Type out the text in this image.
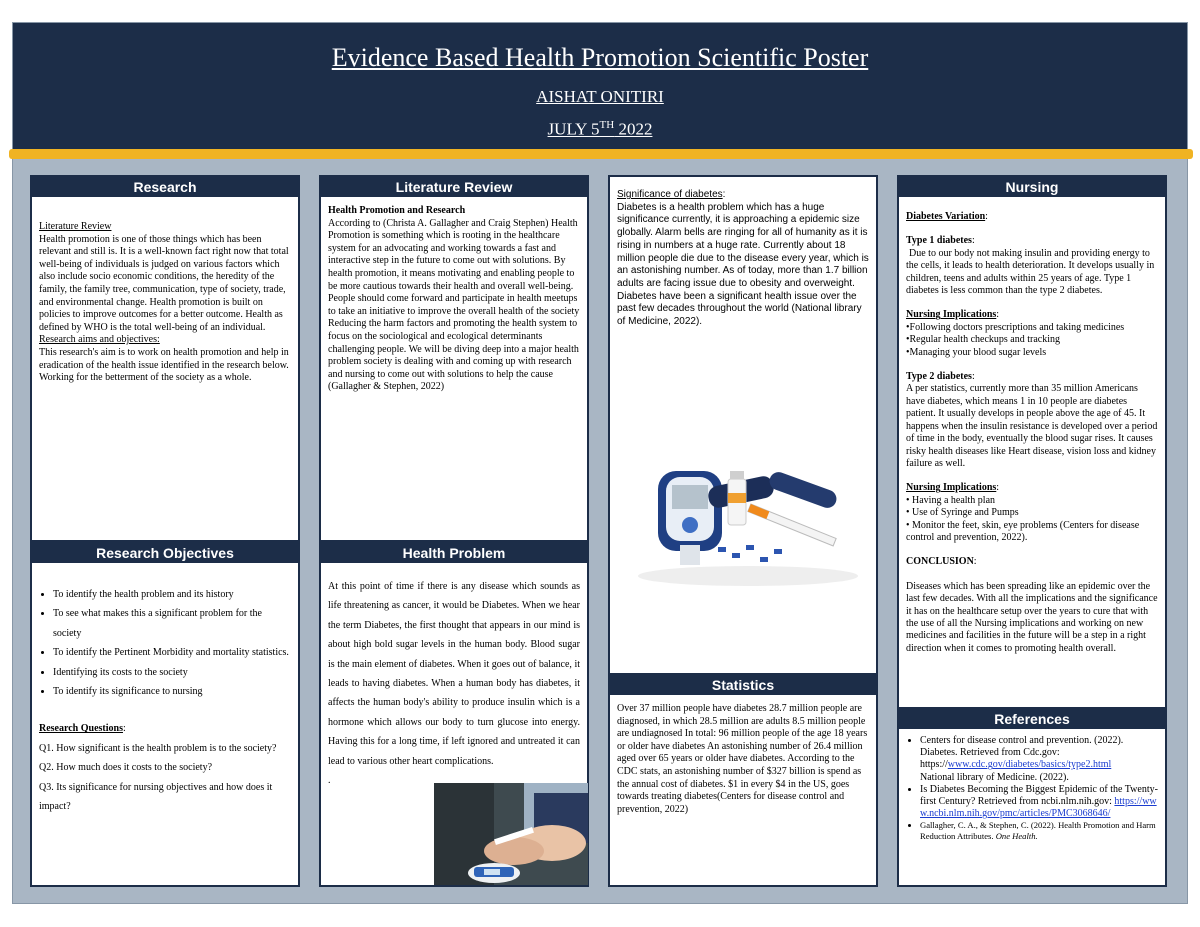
Evidence Based Health Promotion Scientific Poster
AISHAT ONITIRI
JULY 5TH 2022
Research
Literature Review
Health promotion is one of those things which has been relevant and still is. It is a well-known fact right now that total well-being of individuals is judged on various factors which also include socio economic conditions, the heredity of the family, the family tree, communication, type of society, trade, and environmental change. Health promotion is built on policies to improve outcomes for a better outcome. Health as defined by WHO is the total well-being of an individual.
Research aims and objectives:
This research's aim is to work on health promotion and help in eradication of the health issue identified in the research below. Working for the betterment of the society as a whole.
Research Objectives
• To identify the health problem and its history
• To see what makes this a significant problem for the society
• To identify the Pertinent Morbidity and mortality statistics.
• Identifying its costs to the society
• To identify its significance to nursing
Research Questions:
Q1. How significant is the health problem is to the society?
Q2. How much does it costs to the society?
Q3. Its significance for nursing objectives and how does it impact?
Literature Review
Health Promotion and Research
According to (Christa A. Gallagher and Craig Stephen) Health Promotion is something which is rooting in the healthcare system for an advocating and working towards a fast and interactive step in the future to come out with solutions. By health promotion, it means motivating and enabling people to be more cautious towards their health and overall well-being. People should come forward and participate in health meetups to take an initiative to improve the overall health of the society Reducing the harm factors and promoting the health system to focus on the sociological and ecological determinants challenging people. We will be diving deep into a major health problem society is dealing with and coming up with research and nursing to come out with solutions to help the cause (Gallagher & Stephen, 2022)
Health Problem
At this point of time if there is any disease which sounds as life threatening as cancer, it would be Diabetes. When we hear the term Diabetes, the first thought that appears in our mind is about high bold sugar levels in the human body. Blood sugar is the main element of diabetes. When it goes out of balance, it leads to having diabetes. When a human body has diabetes, it affects the human body's ability to produce insulin which is a hormone which allows our body to turn glucose into energy. Having this for a long time, if left ignored and untreated it can lead to various other heart complications.
.
Significance of diabetes:
Diabetes is a health problem which has a huge significance currently, it is approaching a epidemic size globally. Alarm bells are ringing for all of humanity as it is rising in numbers at a huge rate. Currently about 18 million people die due to the disease every year, which is an astonishing number. As of today, more than 1.7 billion adults are facing issue due to obesity and overweight. Diabetes have been a significant health issue over the past few decades throughout the world (National library of Medicine, 2022).
Statistics
Over 37 million people have diabetes 28.7 million people are diagnosed, in which 28.5 million are adults 8.5 million people are undiagnosed In total: 96 million people of the age 18 years or older have diabetes An astonishing number of 26.4 million aged over 65 years or older have diabetes. According to the CDC stats, an astonishing number of $327 billion is spend as the annual cost of diabetes. $1 in every $4 in the US, goes towards treating diabetes(Centers for disease control and prevention, 2022)
Nursing
Diabetes Variation:
Type 1 diabetes:
Due to our body not making insulin and providing energy to the cells, it leads to health deterioration. It develops usually in children, teens and adults within 25 years of age. Type 1 diabetes is less common than the type 2 diabetes.
Nursing Implications:
•Following doctors prescriptions and taking medicines
•Regular health checkups and tracking
•Managing your blood sugar levels
Type 2 diabetes:
A per statistics, currently more than 35 million Americans have diabetes, which means 1 in 10 people are diabetes patient. It usually develops in people above the age of 45. It happens when the insulin resistance is developed over a period of time in the body, eventually the blood sugar rises. It causes risky health diseases like Heart disease, vision loss and kidney failure as well.
Nursing Implications:
• Having a health plan
• Use of Syringe and Pumps
• Monitor the feet, skin, eye problems (Centers for disease control and prevention, 2022).
CONCLUSION:
Diseases which has been spreading like an epidemic over the last few decades. With all the implications and the significance it has on the healthcare setup over the years to cure that with the use of all the Nursing implications and working on new medicines and facilities in the future will be a step in a right direction when it comes to promoting health overall.
References
• Centers for disease control and prevention. (2022). Diabetes. Retrieved from Cdc.gov: https://www.cdc.gov/diabetes/basics/type2.html
National library of Medicine. (2022).
• Is Diabetes Becoming the Biggest Epidemic of the Twenty-first Century? Retrieved from ncbi.nlm.nih.gov: https://www.ncbi.nlm.nih.gov/pmc/articles/PMC3068646/
• Gallagher, C. A., & Stephen, C. (2022). Health Promotion and Harm Reduction Attributes. One Health.
